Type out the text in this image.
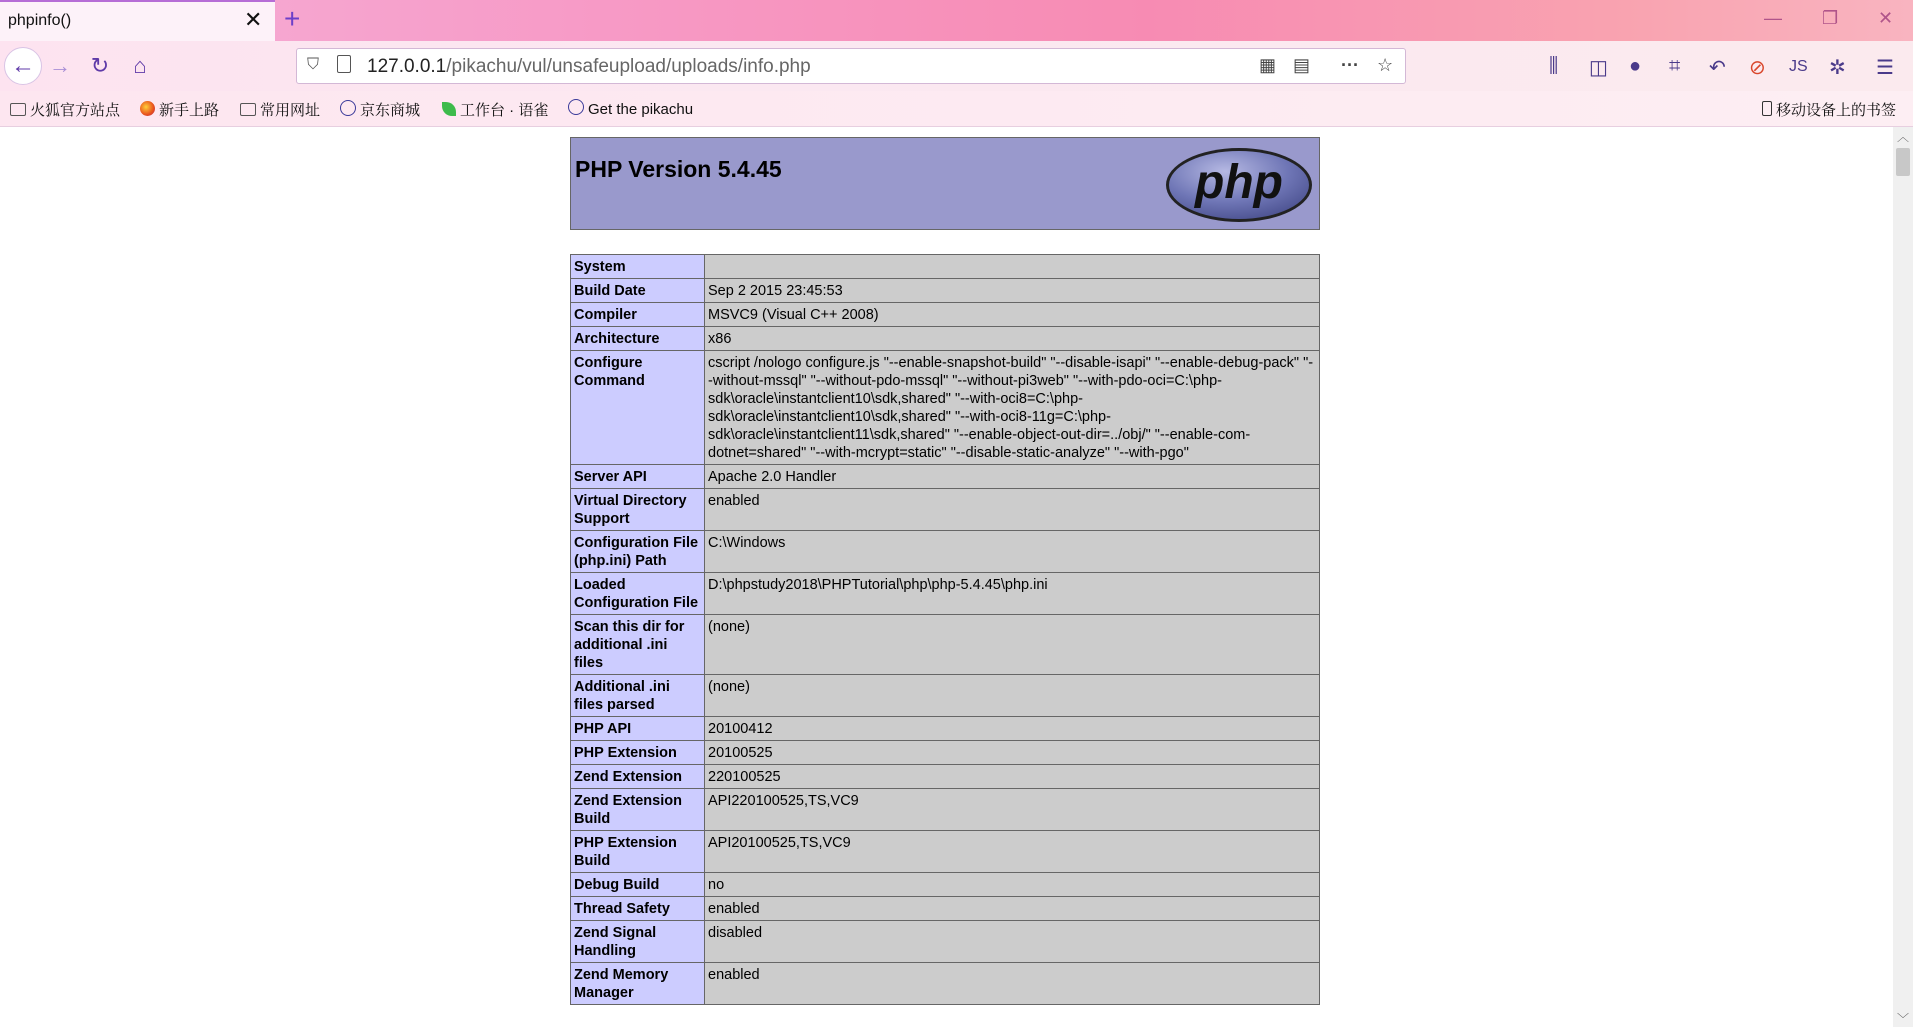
phpinfo()	✕ +	— ❐ ✕
← → ↻	⌂	⛉	127.0.0.1/pikachu/vul/unsafeupload/uploads/info.php	▦ ▤ ··· ☆	⫼ ◫ ● ⌗ ↶ ⊘ JS ✲ ☰
火狐官方站点	新手上路	常用网址	京东商城	工作台 · 语雀	Get the pikachu	移动设备上的书签
PHP Version 5.4.45	php
System	
Build Date	Sep 2 2015 23:45:53
Compiler	MSVC9 (Visual C++ 2008)
Architecture	x86
Configure Command	cscript /nologo configure.js "--enable-snapshot-build" "--disable-isapi" "--enable-debug-pack" "--without-mssql" "--without-pdo-mssql" "--without-pi3web" "--with-pdo-oci=C:\php-sdk\oracle\instantclient10\sdk,shared" "--with-oci8=C:\php-sdk\oracle\instantclient10\sdk,shared" "--with-oci8-11g=C:\php-sdk\oracle\instantclient11\sdk,shared" "--enable-object-out-dir=../obj/" "--enable-com-dotnet=shared" "--with-mcrypt=static" "--disable-static-analyze" "--with-pgo"
Server API	Apache 2.0 Handler
Virtual Directory Support	enabled
Configuration File (php.ini) Path	C:\Windows
Loaded Configuration File	D:\phpstudy2018\PHPTutorial\php\php-5.4.45\php.ini
Scan this dir for additional .ini files	(none)
Additional .ini files parsed	(none)
PHP API	20100412
PHP Extension	20100525
Zend Extension	220100525
Zend Extension Build	API220100525,TS,VC9
PHP Extension Build	API20100525,TS,VC9
Debug Build	no
Thread Safety	enabled
Zend Signal Handling	disabled
Zend Memory Manager	enabled
︿
﹀
